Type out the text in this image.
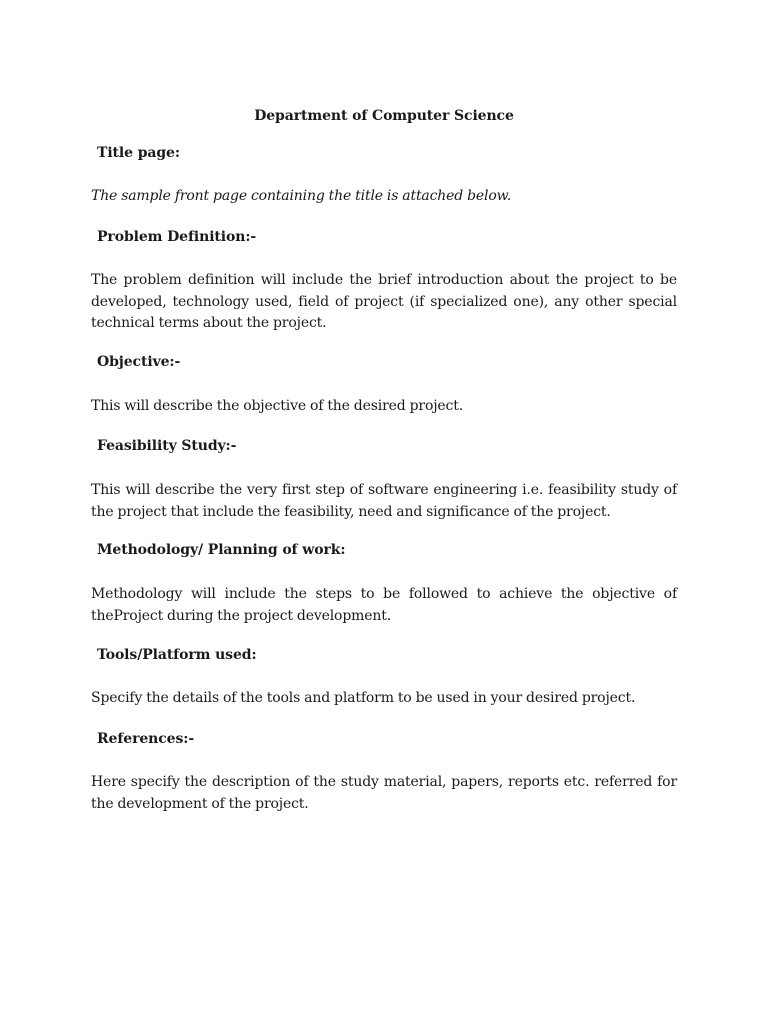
Department of Computer Science
Title page:
The sample front page containing the title is attached below.
Problem Definition:-
The problem definition will include the brief introduction about the project to be developed, technology used, field of project (if specialized one), any other special technical terms about the project.
Objective:-
This will describe the objective of the desired project.
Feasibility Study:-
This will describe the very first step of software engineering i.e. feasibility study of the project that include the feasibility, need and significance of the project.
Methodology/ Planning of work:
Methodology will include the steps to be followed to achieve the objective of theProject during the project development.
Tools/Platform used:
Specify the details of the tools and platform to be used in your desired project.
References:-
Here specify the description of the study material, papers, reports etc. referred for the development of the project.
